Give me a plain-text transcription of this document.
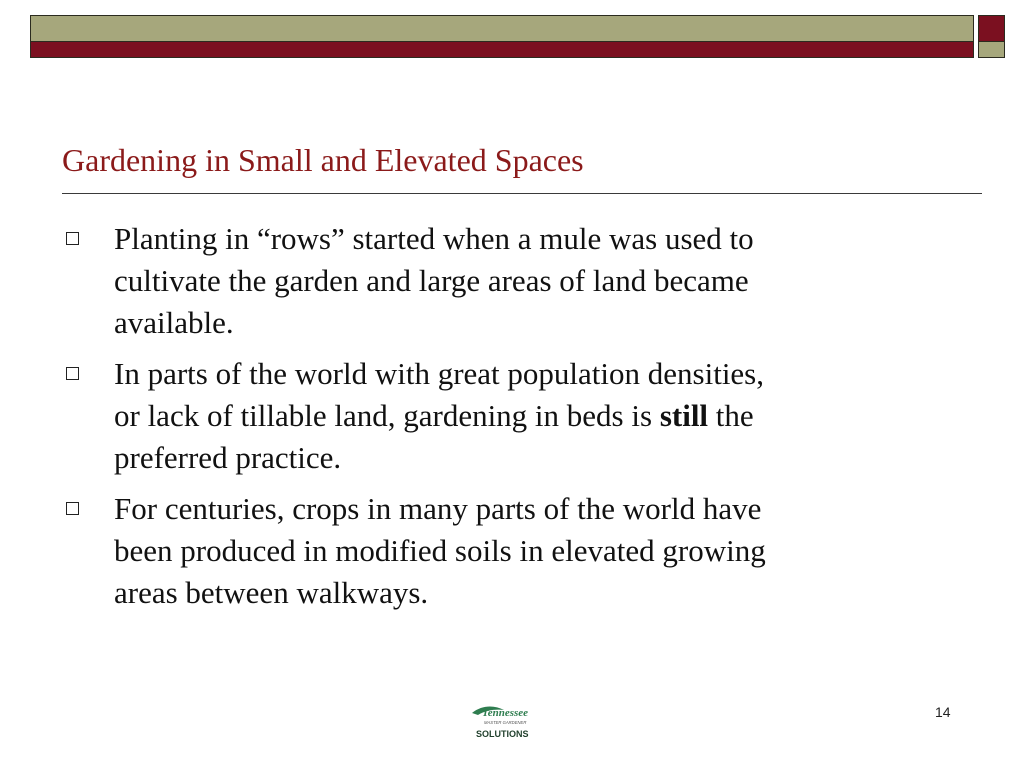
Gardening in Small and Elevated Spaces
Planting in “rows” started when a mule was used to
cultivate the garden and large areas of land became
available.
In parts of the world with great population densities,
or lack of tillable land, gardening in beds is still the
preferred practice.
For centuries, crops in many parts of the world have
been produced in modified soils in elevated growing
areas between walkways.
Tennessee
MASTER GARDENER
SOLUTIONS
14
